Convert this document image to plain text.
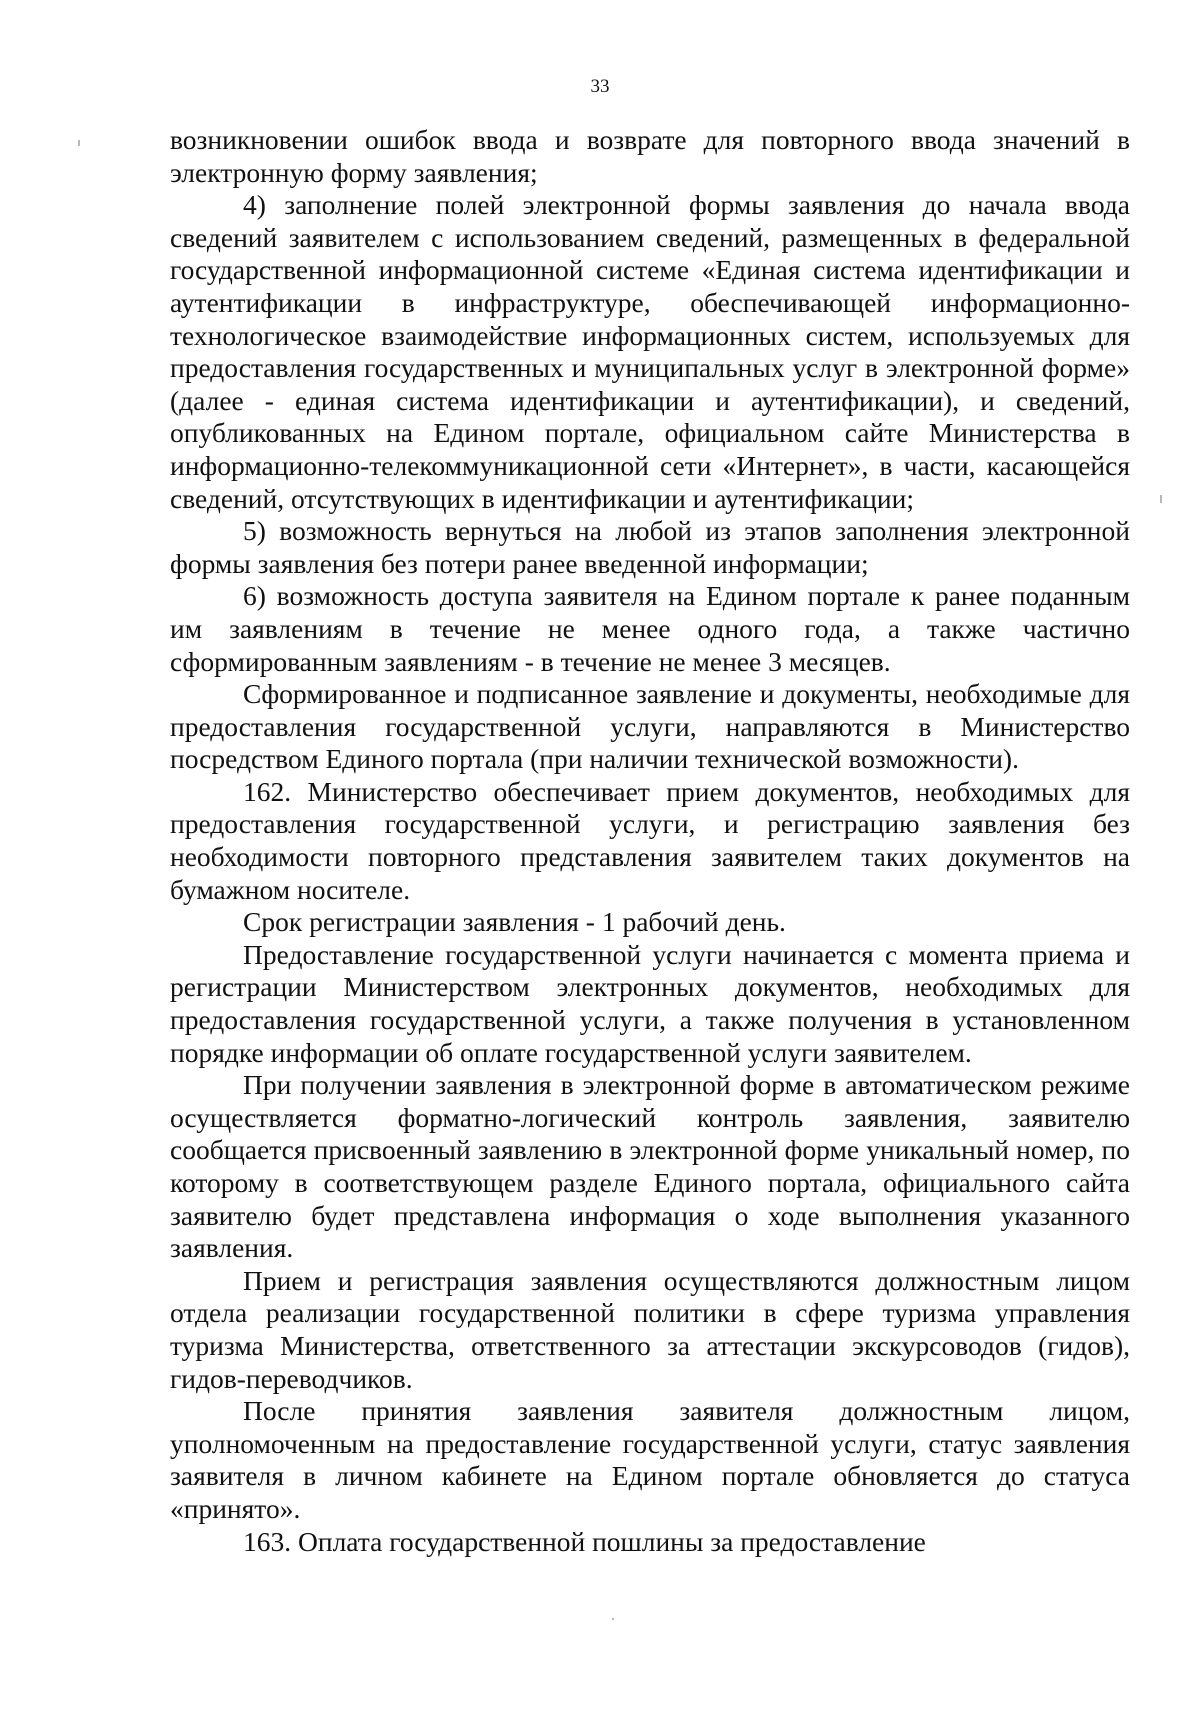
33

возникновении ошибок ввода и возврате для повторного ввода значений в электронную форму заявления;

4) заполнение полей электронной формы заявления до начала ввода сведений заявителем с использованием сведений, размещенных в федеральной государственной информационной системе «Единая система идентификации и аутентификации в инфраструктуре, обеспечивающей информационно-технологическое взаимодействие информационных систем, используемых для предоставления государственных и муниципальных услуг в электронной форме» (далее - единая система идентификации и аутентификации), и сведений, опубликованных на Едином портале, официальном сайте Министерства в информационно-телекоммуникационной сети «Интернет», в части, касающейся сведений, отсутствующих в идентификации и аутентификации;

5) возможность вернуться на любой из этапов заполнения электронной формы заявления без потери ранее введенной информации;

6) возможность доступа заявителя на Едином портале к ранее поданным им заявлениям в течение не менее одного года, а также частично сформированным заявлениям - в течение не менее 3 месяцев.

Сформированное и подписанное заявление и документы, необходимые для предоставления государственной услуги, направляются в Министерство посредством Единого портала (при наличии технической возможности).

162. Министерство обеспечивает прием документов, необходимых для предоставления государственной услуги, и регистрацию заявления без необходимости повторного представления заявителем таких документов на бумажном носителе.

Срок регистрации заявления - 1 рабочий день.

Предоставление государственной услуги начинается с момента приема и регистрации Министерством электронных документов, необходимых для предоставления государственной услуги, а также получения в установленном порядке информации об оплате государственной услуги заявителем.

При получении заявления в электронной форме в автоматическом режиме осуществляется форматно-логический контроль заявления, заявителю сообщается присвоенный заявлению в электронной форме уникальный номер, по которому в соответствующем разделе Единого портала, официального сайта заявителю будет представлена информация о ходе выполнения указанного заявления.

Прием и регистрация заявления осуществляются должностным лицом отдела реализации государственной политики в сфере туризма управления туризма Министерства, ответственного за аттестации экскурсоводов (гидов), гидов-переводчиков.

После принятия заявления заявителя должностным лицом, уполномоченным на предоставление государственной услуги, статус заявления заявителя в личном кабинете на Едином портале обновляется до статуса «принято».

163. Оплата государственной пошлины за предоставление
